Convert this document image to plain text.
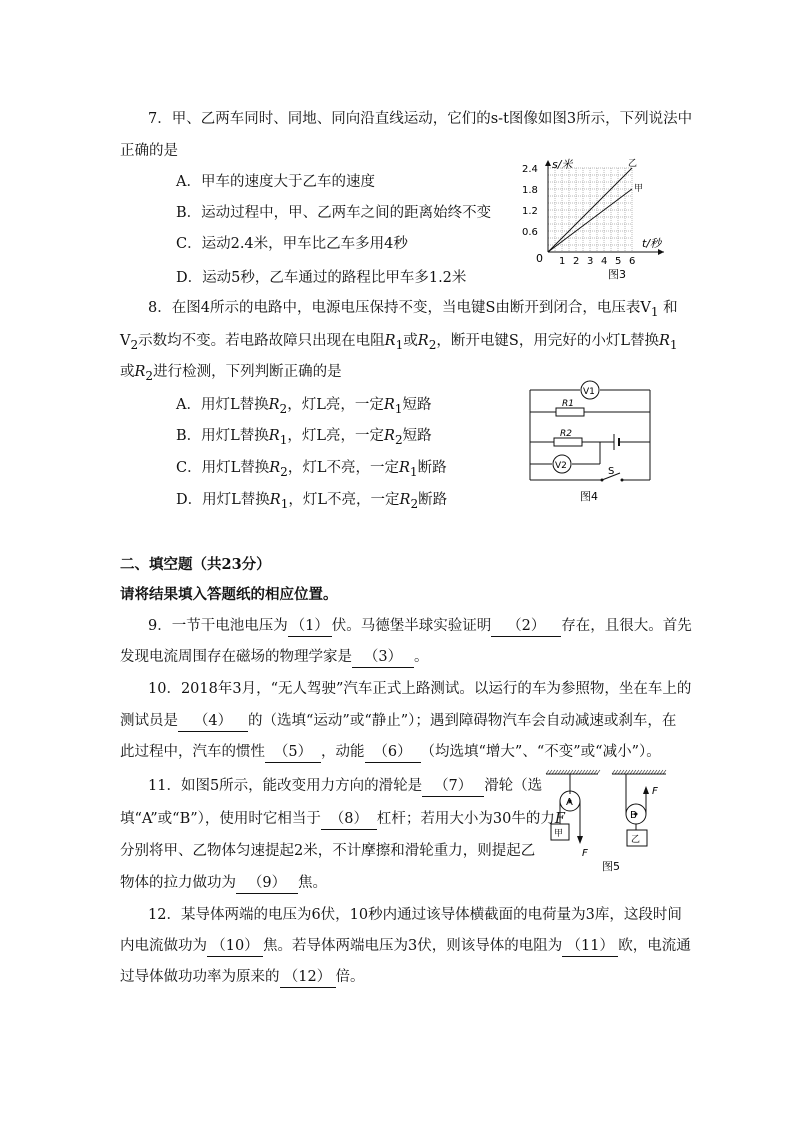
7．甲、乙两车同时、同地、同向沿直线运动，它们的s-t图像如图3所示，下列说法中
正确的是
A．甲车的速度大于乙车的速度
B．运动过程中，甲、乙两车之间的距离始终不变
C．运动2.4米，甲车比乙车多用4秒
D．运动5秒，乙车通过的路程比甲车多1.2米
乙
甲
2.4
1.8
1.2
0.6
1 2 3 4 5 6
s/米
t/秒
0
图3
8．在图4所示的电路中，电源电压保持不变，当电键S由断开到闭合，电压表$V_1$ 和
$V_2$示数均不变。若电路故障只出现在电阻$R_1$或$R_2$，断开电键S，用完好的小灯L替换$R_1$
或$R_2$进行检测，下列判断正确的是
A．用灯L替换$R_2$，灯L亮，一定$R_1$短路
B．用灯L替换$R_1$，灯L亮，一定$R_2$短路
C．用灯L替换$R_2$，灯L不亮，一定$R_1$断路
D．用灯L替换$R_1$，灯L不亮，一定$R_2$断路
V1
V2
R1
R2
S
图4
二、填空题（共23分）
请将结果填入答题纸的相应位置。
9．一节干电池电压为 （1） 伏。马德堡半球实验证明 （2） 存在，且很大。首先
发现电流周围存在磁场的物理学家是 （3） 。
10．2018年3月，“无人驾驶”汽车正式上路测试。以运行的车为参照物，坐在车上的
测试员是 （4） 的（选填“运动”或“静止”）；遇到障碍物汽车会自动减速或刹车，在
此过程中，汽车的惯性 （5） ，动能 （6） （均选填“增大”、“不变”或“减小”）。
11．如图5所示，能改变用力方向的滑轮是 （7） 滑轮（选
填“A”或“B”），使用时它相当于 （8） 杠杆；若用大小为30牛的力F
分别将甲、乙物体匀速提起2米，不计摩擦和滑轮重力，则提起乙
物体的拉力做功为 （9） 焦。
A
B
甲
乙
F
F
图5
12．某导体两端的电压为6伏，10秒内通过该导体横截面的电荷量为3库，这段时间
内电流做功为 （10） 焦。若导体两端电压为3伏，则该导体的电阻为 （11） 欧，电流通
过导体做功功率为原来的 （12） 倍。
